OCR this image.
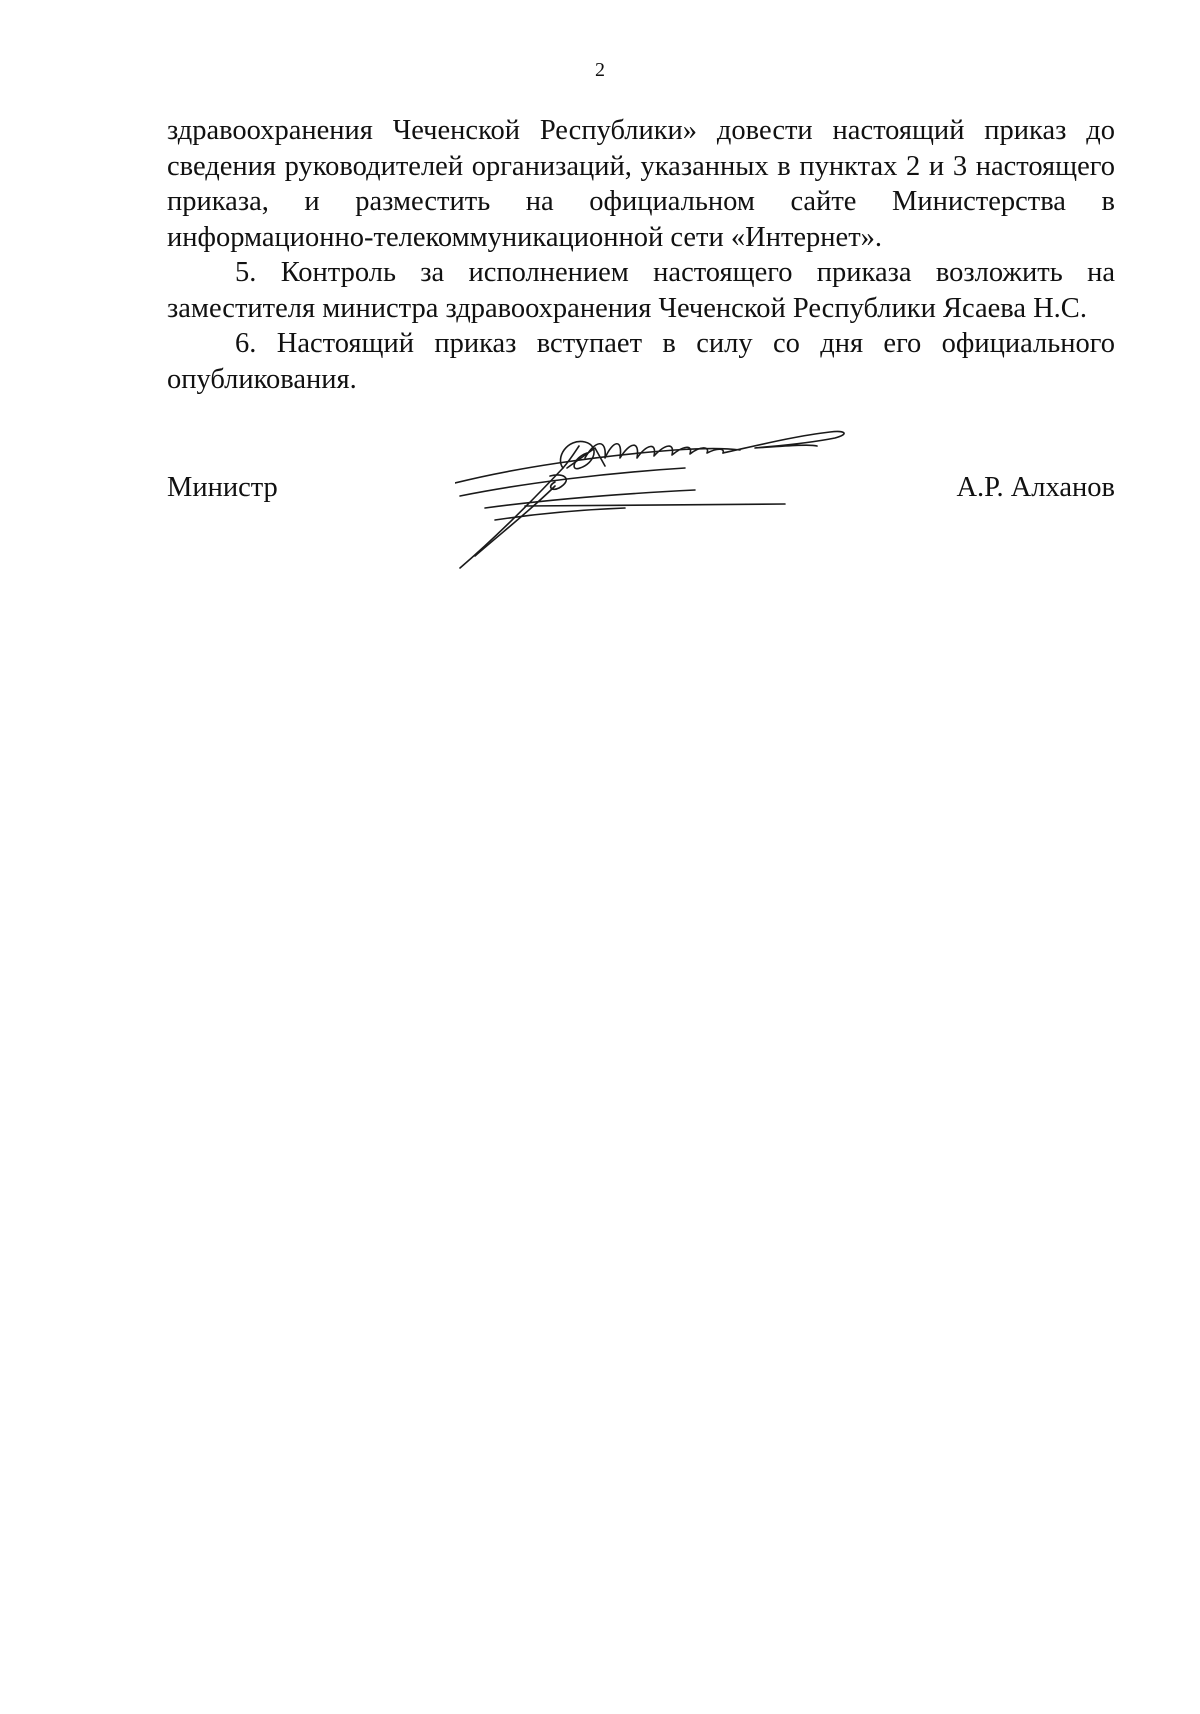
2

здравоохранения Чеченской Республики» довести настоящий приказ до
сведения руководителей организаций, указанных в пунктах 2 и 3 настоящего
приказа, и разместить на официальном сайте Министерства в
информационно-телекоммуникационной сети «Интернет».

5. Контроль за исполнением настоящего приказа возложить на
заместителя министра здравоохранения Чеченской Республики Ясаева Н.С.

6. Настоящий приказ вступает в силу со дня его официального
опубликования.

Министр	А.Р. Алханов
